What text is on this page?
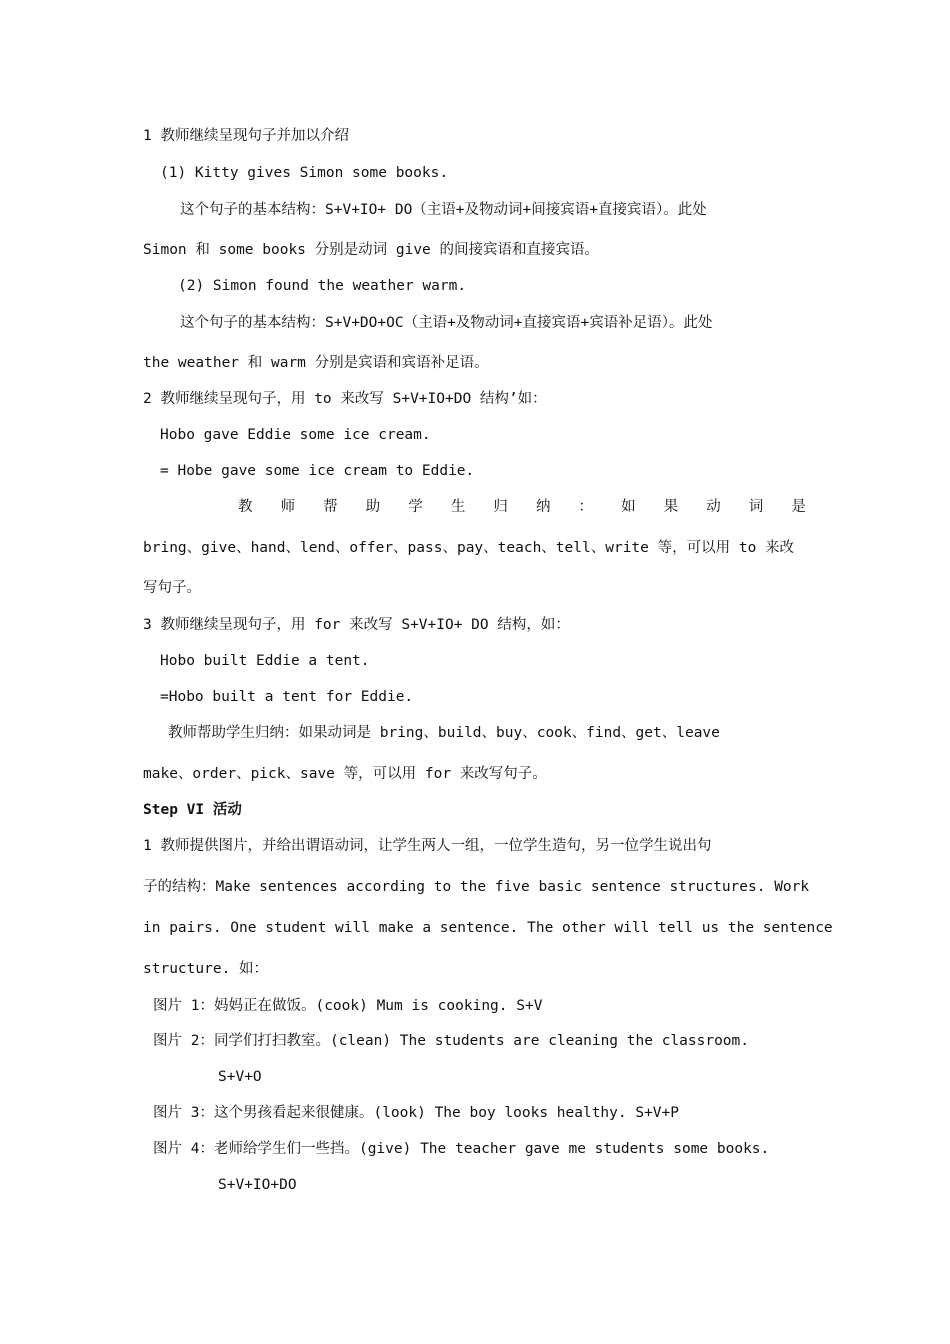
1 教师继续呈现句子并加以介绍
(1) Kitty gives Simon some books.
这个句子的基本结构：S+V+IO+ DO（主语+及物动词+间接宾语+直接宾语）。此处
Simon 和 some books 分别是动词 give 的间接宾语和直接宾语。
(2) Simon found the weather warm.
这个句子的基本结构：S+V+DO+OC（主语+及物动词+直接宾语+宾语补足语）。此处
the weather 和 warm 分别是宾语和宾语补足语。
2 教师继续呈现句子，用 to 来改写 S+V+IO+DO 结构’如：
Hobo gave Eddie some ice cream.
= Hobe gave some ice cream to Eddie.
教 师 帮 助 学 生 归 纳 ： 如 果 动 词 是
bring、give、hand、lend、offer、pass、pay、teach、tell、write 等，可以用 to 来改
写句子。
3 教师继续呈现句子，用 for 来改写 S+V+IO+ DO 结构，如：
Hobo built Eddie a tent.
=Hobo built a tent for Eddie.
教师帮助学生归纳：如果动词是 bring、build、buy、cook、find、get、leave
make、order、pick、save 等，可以用 for 来改写句子。
Step VI 活动
1 教师提供图片，并给出谓语动词，让学生两人一组，一位学生造句，另一位学生说出句
子的结构：Make sentences according to the five basic sentence structures. Work
in pairs. One student will make a sentence. The other will tell us the sentence
structure. 如：
图片 1：妈妈正在做饭。(cook) Mum is cooking. S+V
图片 2：同学们打扫教室。(clean) The students are cleaning the classroom.
S+V+O
图片 3：这个男孩看起来很健康。(look) The boy looks healthy. S+V+P
图片 4：老师给学生们一些挡。(give) The teacher gave me students some books.
S+V+IO+DO
